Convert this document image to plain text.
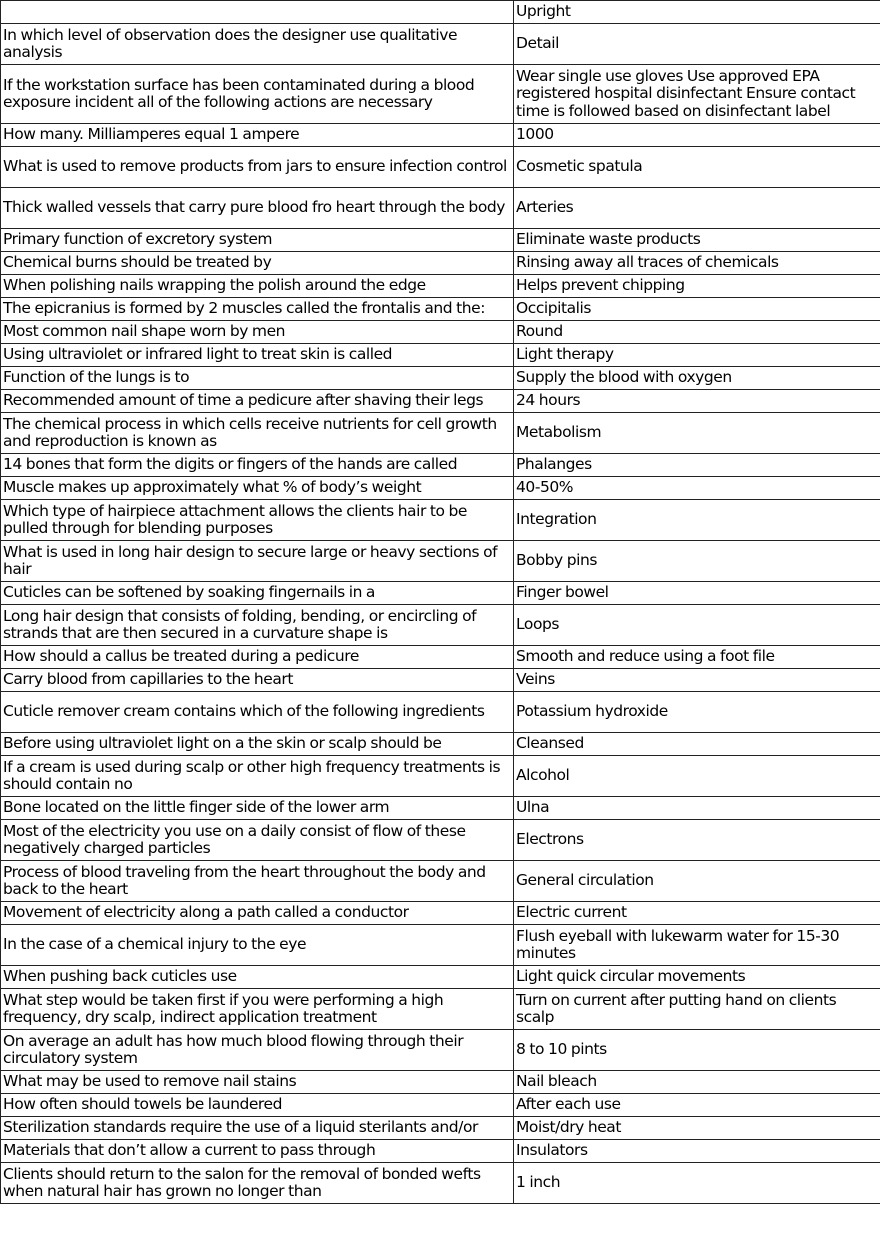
	Upright
In which level of observation does the designer use qualitative analysis	Detail
If the workstation surface has been contaminated during a blood exposure incident all of the following actions are necessary	Wear single use gloves Use approved EPA registered hospital disinfectant Ensure contact time is followed based on disinfectant label
How many. Milliamperes equal 1 ampere	1000
What is used to remove products from jars to ensure infection control	Cosmetic spatula
Thick walled vessels that carry pure blood fro heart through the body	Arteries
Primary function of excretory system	Eliminate waste products
Chemical burns should be treated by	Rinsing away all traces of chemicals
When polishing nails wrapping the polish around the edge	Helps prevent chipping
The epicranius is formed by 2 muscles called the frontalis and the:	Occipitalis
Most common nail shape worn by men	Round
Using ultraviolet or infrared light to treat skin is called	Light therapy
Function of the lungs is to	Supply the blood with oxygen
Recommended amount of time a pedicure after shaving their legs	24 hours
The chemical process in which cells receive nutrients for cell growth and reproduction is known as	Metabolism
14 bones that form the digits or fingers of the hands are called	Phalanges
Muscle makes up approximately what % of body’s weight	40-50%
Which type of hairpiece attachment allows the clients hair to be pulled through for blending purposes	Integration
What is used in long hair design to secure large or heavy sections of hair	Bobby pins
Cuticles can be softened by soaking fingernails in a	Finger bowel
Long hair design that consists of folding, bending, or encircling of strands that are then secured in a curvature shape is	Loops
How should a callus be treated during a pedicure	Smooth and reduce using a foot file
Carry blood from capillaries to the heart	Veins
Cuticle remover cream contains which of the following ingredients	Potassium hydroxide
Before using ultraviolet light on a the skin or scalp should be	Cleansed
If a cream is used during scalp or other high frequency treatments is should contain no	Alcohol
Bone located on the little finger side of the lower arm	Ulna
Most of the electricity you use on a daily consist of flow of these negatively charged particles	Electrons
Process of blood traveling from the heart throughout the body and back to the heart	General circulation
Movement of electricity along a path called a conductor	Electric current
In the case of a chemical injury to the eye	Flush eyeball with lukewarm water for 15-30 minutes
When pushing back cuticles use	Light quick circular movements
What step would be taken first if you were performing a high frequency, dry scalp, indirect application treatment	Turn on current after putting hand on clients scalp
On average an adult has how much blood flowing through their circulatory system	8 to 10 pints
What may be used to remove nail stains	Nail bleach
How often should towels be laundered	After each use
Sterilization standards require the use of a liquid sterilants and/or	Moist/dry heat
Materials that don’t allow a current to pass through	Insulators
Clients should return to the salon for the removal of bonded wefts when natural hair has grown no longer than	1 inch
